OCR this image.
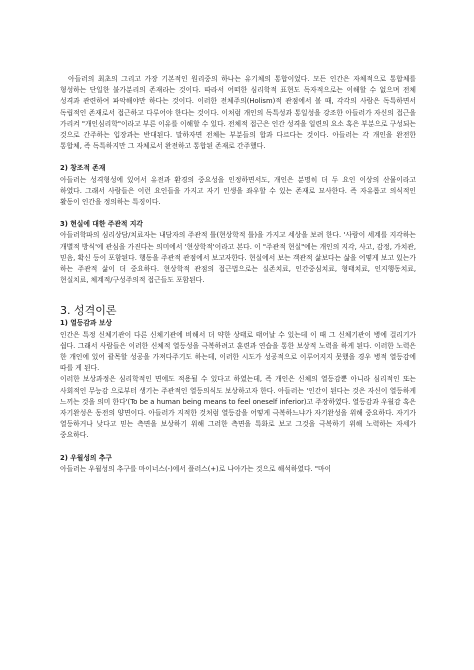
아들러의 최초의 그리고 가장 기본적인 원리중의 하나는 유기체의 통합이었다. 모든 인간은 자체적으로 통합체를 형성하는 단일한 불가분리의 존재라는 것이다. 따라서 어떠한 심리학적 표현도 독자적으로는 이해할 수 없으며 전체 성격과 관련하여 파악해야만 하다는 것이다. 이러한 전체주의(Holism)적 관점에서 볼 때, 각각의 사람은 독특하면서 독립적인 존재로서 접근하고 다루어야 한다는 것이다. 이처럼 개인의 독특성과 통일성을 강조한 아들러가 자신의 접근을 가리켜 "개인심리학"이라고 부른 이유를 이해할 수 있다. 전체적 접근은 인간 성격을 일련의 요소 혹은 부분으로 구성되는 것으로 간주하는 입장과는 반대된다. 말하자면 전체는 부분들의 합과 다르다는 것이다. 아들러는 각 개인을 완전한 통합체, 즉 독특하지만 그 자체로서 완전하고 통합된 존재로 간주했다.

2) 창조적 존재

아들러는 성격형성에 있어서 유전과 환경의 중요성을 인정하면서도, 개인은 분명히 더 두 요인 이상의 산물이라고 하였다. 그래서 사람들은 이런 요인들을 가지고 자기 인생을 좌우할 수 있는 존재로 묘사한다. 즉 자유롭고 의식적인 활동이 인간을 정의하는 특징이다.

3) 현실에 대한 주관적 지각

아들러학파의 심리상담/치료자는 내담자의 주관적 틀(현상학적 틀)을 가지고 세상을 보려 한다. '사람이 세계를 지각하는 개별적 방식'에 관심을 가진다는 의미에서 '현상학적'이라고 본다. 이 "주관적 현실"에는 개인의 지각, 사고, 감정, 가치관, 믿음, 확신 등이 포함된다. 행동을 주관적 관점에서 보고자한다. 현실에서 보는 객관적 삶보다는 삶을 어떻게 보고 있는가 하는 주관적 삶이 더 중요하다. 현상학적 관점의 접근법으로는 실존치료, 인간중심치료, 형태치료, 인지행동치료, 현실치료, 체계적/구성주의적 접근들도 포함된다.

3. 성격이론
1) 열등감과 보상

인간은 특정 신체기관이 다른 신체기관에 비해서 더 약한 상태로 태어날 수 있는데 이 때 그 신체기관이 병에 걸리기가 쉽다. 그래서 사람들은 이러한 신체적 열등성을 극복하려고 훈련과 연습을 통한 보상적 노력을 하게 된다. 이러한 노력은 한 개인에 있어 괄목할 성공을 가져다주기도 하는데, 이러한 시도가 성공적으로 이루어지지 못했을 경우 병적 열등감에 따를 게 된다.

이러한 보상과정은 심리학적인 면에도 적용될 수 있다고 하였는데, 즉 개인은 신체의 열등감뿐 아니라 심리적인 또는 사회적인 무능감 으로부터 생기는 주관적인 열등의식도 보상하고자 한다. 아들러는 '인간이 된다는 것은 자신이 열등하게 느끼는 것을 의미 한다'(To be a human being means to feel oneself inferior)고 주장하였다. 열등감과 우월감 혹은 자기완성은 동전의 양면이다. 아들러가 지적한 것처럼 열등감을 어떻게 극복하느냐가 자기완성을 위해 중요하다. 자기가 열등하거나 낮다고 믿는 측면을 보상하기 위해 그러한 측면을 특화로 보고 그것을 극복하기 위해 노력하는 자세가 중요하다.

2) 우월성의 추구

아들러는 우월성의 추구를 마이너스(-)에서 플러스(+)로 나아가는 것으로 해석하였다. "마이
